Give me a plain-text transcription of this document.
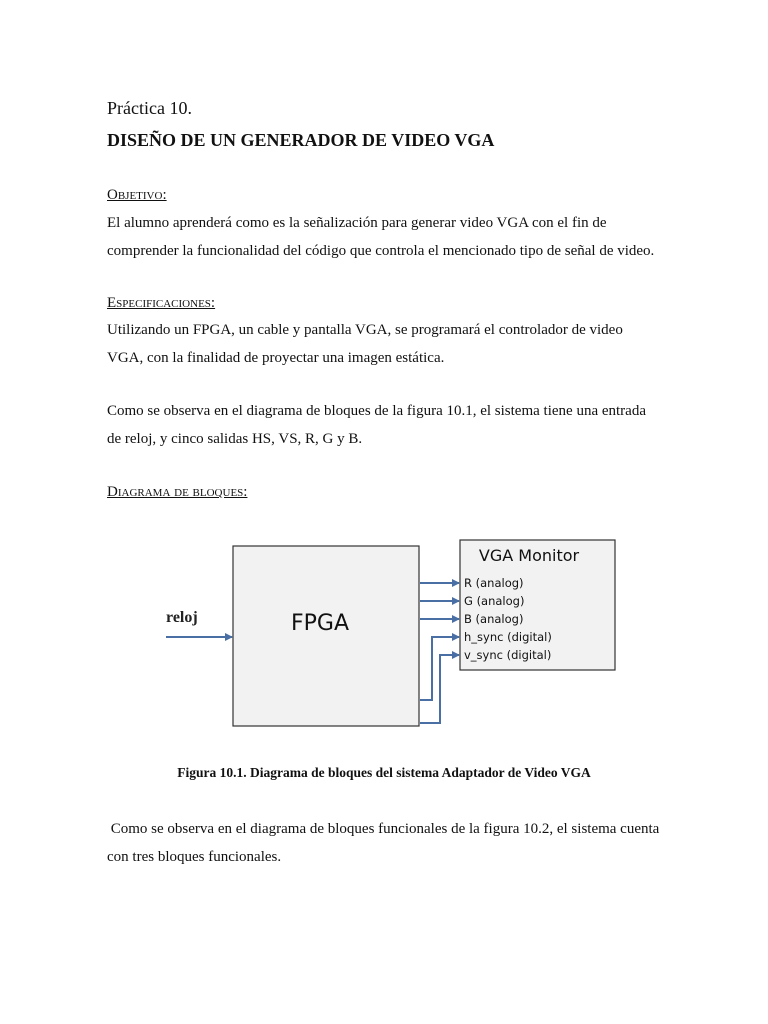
Práctica 10.
DISEÑO DE UN GENERADOR DE VIDEO VGA
Objetivo:
El alumno aprenderá como es la señalización para generar video VGA con el fin de
comprender la funcionalidad del código que controla el mencionado tipo de señal de video.
Especificaciones:
Utilizando un FPGA, un cable y pantalla VGA, se programará el controlador de video
VGA, con la finalidad de proyectar una imagen estática.
Como se observa en el diagrama de bloques de la figura 10.1, el sistema tiene una entrada
de reloj, y cinco salidas HS, VS, R, G y B.
Diagrama de bloques:
reloj	FPGA
VGA Monitor
R (analog)
G (analog)
B (analog)
h_sync (digital)
v_sync (digital)
Figura 10.1. Diagrama de bloques del sistema Adaptador de Video VGA
Como se observa en el diagrama de bloques funcionales de la figura 10.2, el sistema cuenta
con tres bloques funcionales.
